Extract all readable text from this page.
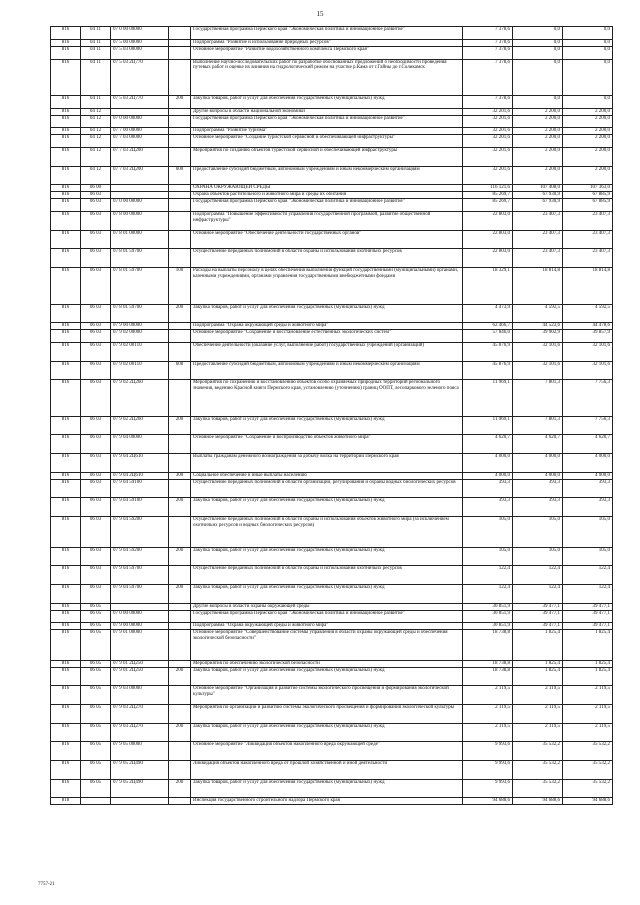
15
816	04 11	07 0 00 00000		Государственная программа Пермского края "Экономическая политика и инновационное развитие"	7 378,6	0,0	0,0
816	04 11	07 5 00 00000		Подпрограмма "Развитие и использование природных ресурсов"	7 378,6	0,0	0,0
816	04 11	07 5 03 00000		Основное мероприятие "Развитие водохозяйственного комплекса Пермского края"	7 378,6	0,0	0,0
816	04 11	07 5 03 2Ц770		Выполнение научно-исследовательских работ по разработке обоснованных предложений о необходимости проведения путевых работ и оценке их влияния на гидрологический режим на участке р.Кама от г.Гайны до г.Соликамск	7 378,6	0,0	0,0
816	04 11	07 5 03 2Ц770	200	Закупка товаров, работ и услуг для обеспечения государственных (муниципальных) нужд	7 378,6	0,0	0,0
816	04 12			Другие вопросы в области национальной экономики	32 201,6	2 200,0	2 200,0
816	04 12	07 0 00 00000		Государственная программа Пермского края "Экономическая политика и инновационное развитие"	32 201,6	2 200,0	2 200,0
816	04 12	07 7 00 00000		Подпрограмма "Развитие туризма"	32 201,6	2 200,0	2 200,0
816	04 12	07 7 03 00000		Основное мероприятие "Создание туристской сервисной и обеспечивающей инфраструктуры"	32 201,6	2 200,0	2 200,0
816	04 12	07 7 03 2Ц200		Мероприятия по созданию объектов туристской сервисной и обеспечивающей инфраструктуры	32 201,6	2 200,0	2 200,0
816	04 12	07 7 03 2Ц200	600	Предоставление субсидий бюджетным, автономным учреждениям и иным некоммерческим организациям	32 201,6	2 200,0	2 200,0
816	06 00			ОХРАНА ОКРУЖАЮЩЕЙ СРЕДЫ	116 121,6	107 408,0	107 363,0
816	06 03			Охрана объектов растительного и животного мира и среды их обитания	85 269,7	67 930,9	67 885,9
816	06 03	07 0 00 00000		Государственная программа Пермского края "Экономическая политика и инновационное развитие"	85 269,7	67 930,9	67 885,9
816	06 03	07 8 00 00000		Подпрограмма "Повышение эффективности управления государственной программой, развитие общественной инфраструктуры"	22 803,0	23 407,3	23 407,3
816	06 03	07 8 01 00000		Основное мероприятие "Обеспечение деятельности государственных органов"	22 803,0	23 407,3	23 407,3
816	06 03	07 8 01 59700		Осуществление переданных полномочий в области охраны и использования охотничьих ресурсов	22 803,0	23 407,3	23 407,3
816	06 03	07 8 01 59700	100	Расходы на выплаты персоналу в целях обеспечения выполнения функций государственными (муниципальными) органами, казенными учреждениями, органами управления государственными внебюджетными фондами	18 329,1	18 814,8	18 814,8
816	06 03	07 8 01 59700	200	Закупка товаров, работ и услуг для обеспечения государственных (муниципальных) нужд	4 473,9	4 592,5	4 592,5
816	06 03	07 9 00 00000		Подпрограмма "Охрана окружающей среды и животного мира"	62 466,7	44 523,6	44 478,6
816	06 03	07 9 02 00000		Основное мероприятие "Сохранение и восстановление естественных экологических систем"	57 846,0	39 902,9	39 857,9
816	06 03	07 9 02 00110		Обеспечение деятельности (оказание услуг, выполнение работ) государственных учреждений (организаций)	45 876,9	32 101,6	32 101,6
816	06 03	07 9 02 00110	600	Предоставление субсидий бюджетным, автономным учреждениям и иным некоммерческим организациям	45 876,9	32 101,6	32 101,6
816	06 03	07 9 02 2Ц260		Мероприятия по сохранению и восстановлению объектов особо охраняемых природных территорий регионального значения, ведению Красной книги Пермского края, установлению (уточнению) границ ООПТ, лесопаркового зеленого пояса	11 969,1	7 801,3	7 756,3
816	06 03	07 9 02 2Ц260	200	Закупка товаров, работ и услуг для обеспечения государственных (муниципальных) нужд	11 969,1	7 801,3	7 756,3
816	06 03	07 9 04 00000		Основное мероприятие "Сохранение и воспроизводство объектов животного мира"	4 620,7	4 620,7	4 620,7
816	06 03	07 9 04 2Ц610		Выплаты гражданам денежного вознаграждения за добычу волка на территории Пермского края	4 000,0	4 000,0	4 000,0
816	06 03	07 9 04 2Ц610	300	Социальное обеспечение и иные выплаты населению	4 000,0	4 000,0	4 000,0
816	06 03	07 9 04 59100		Осуществление переданных полномочий в области организации, регулирования и охраны водных биологических ресурсов	393,3	393,3	393,3
816	06 03	07 9 04 59100	200	Закупка товаров, работ и услуг для обеспечения государственных (муниципальных) нужд	393,3	393,3	393,3
816	06 03	07 9 04 59200		Осуществление переданных полномочий в области охраны и использования объектов животного мира (за исключением охотничьих ресурсов и водных биологических ресурсов)	105,0	105,0	105,0
816	06 03	07 9 04 59200	200	Закупка товаров, работ и услуг для обеспечения государственных (муниципальных) нужд	105,0	105,0	105,0
816	06 03	07 9 04 59700		Осуществление переданных полномочий в области охраны и использования охотничьих ресурсов	122,4	122,4	122,4
816	06 03	07 9 04 59700	200	Закупка товаров, работ и услуг для обеспечения государственных (муниципальных) нужд	122,4	122,4	122,4
816	06 05			Другие вопросы в области охраны окружающей среды	30 851,9	39 477,1	39 477,1
816	06 05	07 0 00 00000		Государственная программа Пермского края "Экономическая политика и инновационное развитие"	30 851,9	39 477,1	39 477,1
816	06 05	07 9 00 00000		Подпрограмма "Охрана окружающей среды и животного мира"	30 851,9	39 477,1	39 477,1
816	06 05	07 9 01 00000		Основное мероприятие "Совершенствование системы управления в области охраны окружающей среды и обеспечения экологической безопасности"	18 738,8	1 825,4	1 825,4
816	06 05	07 9 01 2Ц250		Мероприятия по обеспечению экологической безопасности	18 738,8	1 825,4	1 825,4
816	06 05	07 9 01 2Ц250	200	Закупка товаров, работ и услуг для обеспечения государственных (муниципальных) нужд	18 738,8	1 825,4	1 825,4
816	06 05	07 9 03 00000		Основное мероприятие "Организация и развитие системы экологического просвещения и формирования экологической культуры"	2 119,5	2 119,5	2 119,5
816	06 05	07 9 03 2Ц270		Мероприятия по организации и развитию системы экологического просвещения и формирования экологической культуры	2 119,5	2 119,5	2 119,5
816	06 05	07 9 03 2Ц270	200	Закупка товаров, работ и услуг для обеспечения государственных (муниципальных) нужд	2 119,5	2 119,5	2 119,5
816	06 05	07 9 05 00000		Основное мероприятие "Ликвидация объектов накопленного вреда окружающей среде"	9 993,6	35 532,2	35 532,2
816	06 05	07 9 05 2Ц490		Ликвидация объектов накопленного вреда от прошлой хозяйственной и иной деятельности	9 993,6	35 532,2	35 532,2
816	06 05	07 9 05 2Ц490	200	Закупка товаров, работ и услуг для обеспечения государственных (муниципальных) нужд	9 993,6	35 532,2	35 532,2
818				Инспекция государственного строительного надзора Пермского края	94 688,6	94 688,6	94 688,6
7757-21
